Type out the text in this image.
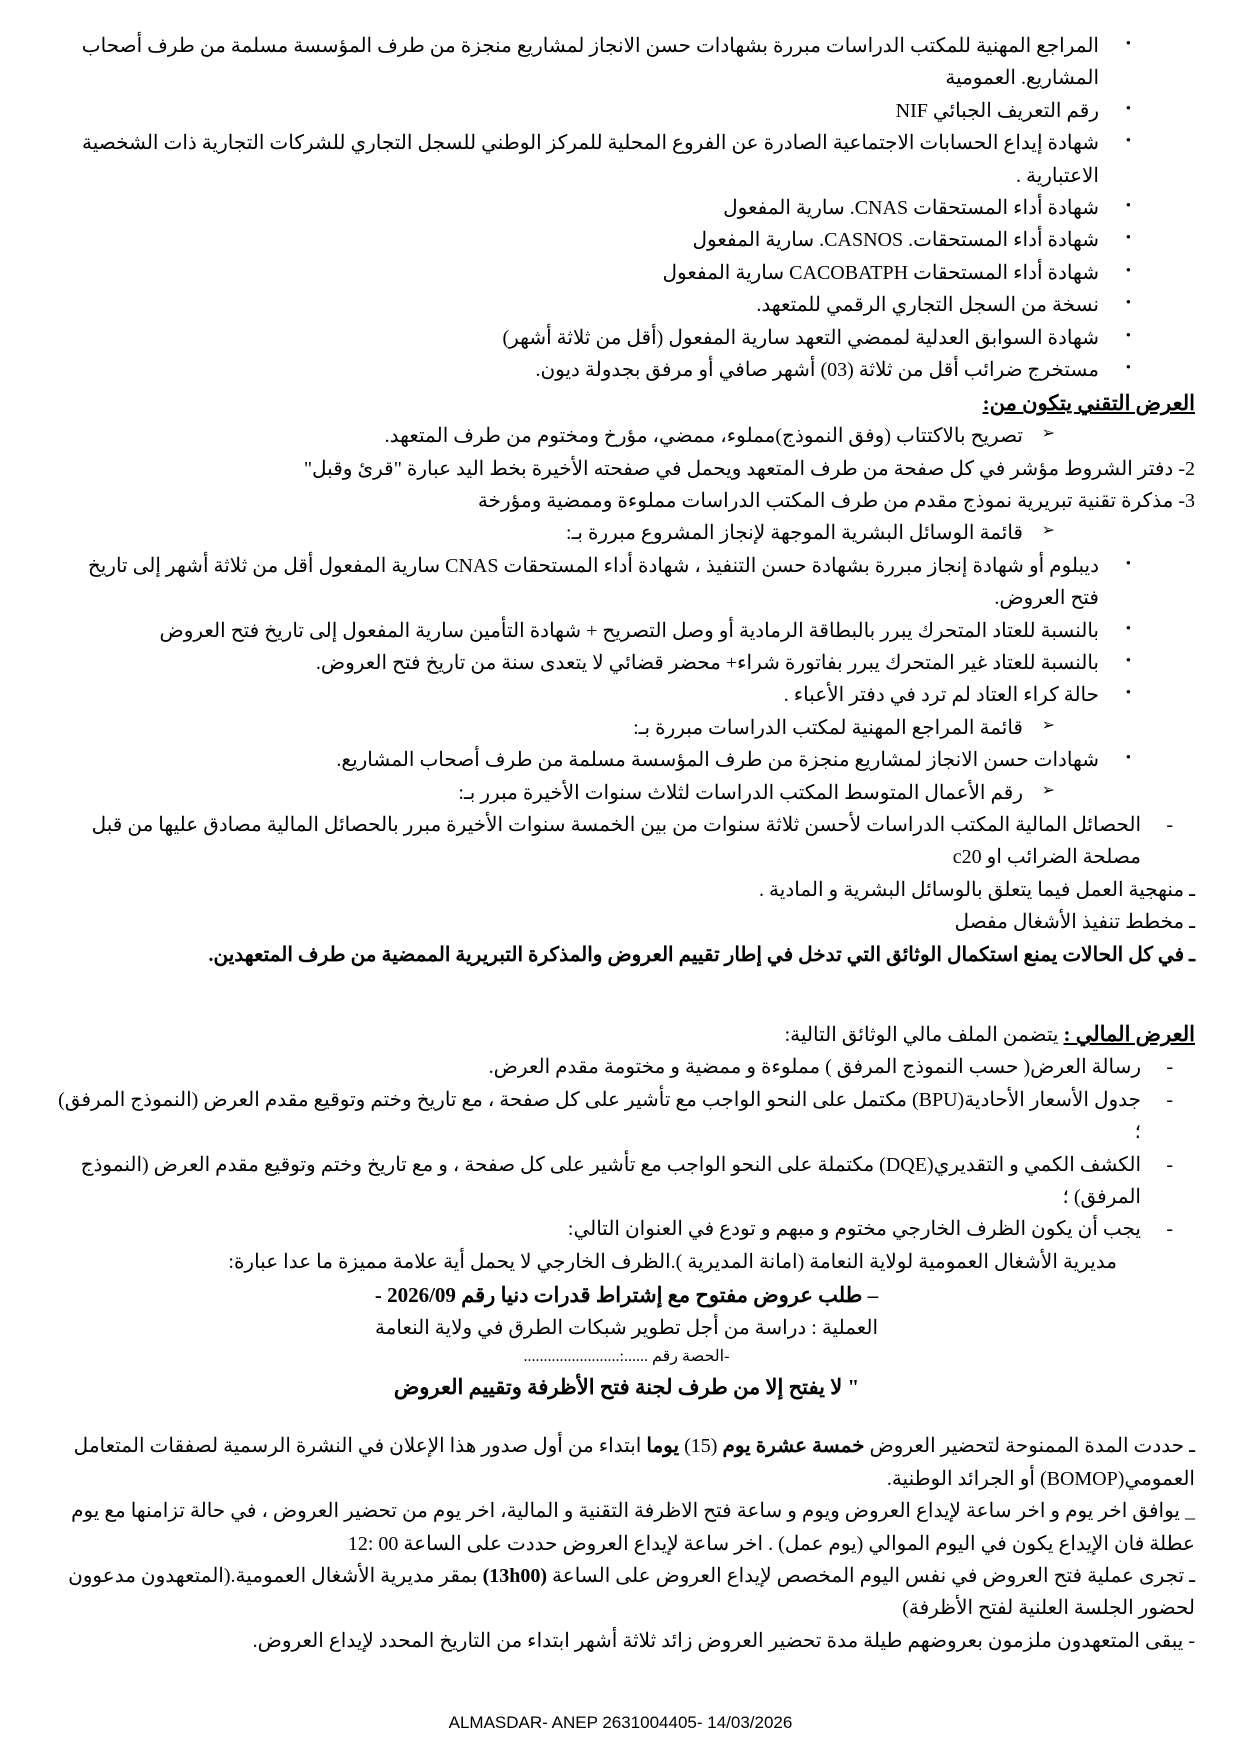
•
المراجع المهنية للمكتب الدراسات مبررة بشهادات حسن الانجاز لمشاريع منجزة من طرف المؤسسة مسلمة من طرف أصحاب المشاريع. العمومية
•
رقم التعريف الجبائي NIF
•
شهادة إيداع الحسابات الاجتماعية الصادرة عن الفروع المحلية للمركز الوطني للسجل التجاري للشركات التجارية ذات الشخصية الاعتبارية .
•
شهادة أداء المستحقات CNAS. سارية المفعول
•
شهادة أداء المستحقات. CASNOS. سارية المفعول
•
شهادة أداء المستحقات CACOBATPH سارية المفعول
•
نسخة من السجل التجاري الرقمي للمتعهد.
•
شهادة السوابق العدلية لممضي التعهد سارية المفعول (أقل من ثلاثة أشهر)
•
مستخرج ضرائب أقل من ثلاثة (03) أشهر صافي أو مرفق بجدولة ديون.
العرض التقني يتكون من:
➢
تصريح بالاكتتاب (وفق النموذج)مملوء، ممضي، مؤرخ ومختوم من طرف المتعهد.
2- دفتر الشروط مؤشر في كل صفحة من طرف المتعهد ويحمل في صفحته الأخيرة بخط اليد عبارة "قرئ وقبل"
3- مذكرة تقنية تبريرية نموذج مقدم من طرف المكتب الدراسات مملوءة وممضية ومؤرخة
➢
قائمة الوسائل البشرية الموجهة لإنجاز المشروع مبررة بـ:
•
ديبلوم أو شهادة إنجاز مبررة بشهادة حسن التنفيذ ، شهادة أداء المستحقات CNAS سارية المفعول أقل من ثلاثة أشهر إلى تاريخ فتح العروض.
•
بالنسبة للعتاد المتحرك يبرر بالبطاقة الرمادية أو وصل التصريح + شهادة التأمين سارية المفعول إلى تاريخ فتح العروض
•
بالنسبة للعتاد غير المتحرك يبرر بفاتورة شراء+ محضر قضائي لا يتعدى سنة من تاريخ فتح العروض.
•
حالة كراء العتاد لم ترد في دفتر الأعباء .
➢
قائمة المراجع المهنية لمكتب الدراسات مبررة بـ:
•
شهادات حسن الانجاز لمشاريع منجزة من طرف المؤسسة مسلمة من طرف أصحاب المشاريع.
➢
رقم الأعمال المتوسط المكتب الدراسات لثلاث سنوات الأخيرة مبرر بـ:
-
الحصائل المالية المكتب الدراسات لأحسن ثلاثة سنوات من بين الخمسة سنوات الأخيرة مبرر بالحصائل المالية مصادق عليها من قبل مصلحة الضرائب او c20
ـ منهجية العمل فيما يتعلق بالوسائل البشرية و المادية .
ـ مخطط تنفيذ الأشغال مفصل
ـ في كل الحالات يمنع استكمال الوثائق التي تدخل في إطار تقييم العروض والمذكرة التبريرية الممضية من طرف المتعهدين.

العرض المالي : يتضمن الملف مالي الوثائق التالية:

-
رسالة العرض( حسب النموذج المرفق ) مملوءة و ممضية و مختومة مقدم العرض.
-
جدول الأسعار الأحادية(BPU) مكتمل على النحو الواجب مع تأشير على كل صفحة ، مع تاريخ وختم وتوقيع مقدم العرض (النموذج المرفق) ؛
-
الكشف الكمي و التقديري(DQE) مكتملة على النحو الواجب مع تأشير على كل صفحة ، و مع تاريخ وختم وتوقيع مقدم العرض (النموذج المرفق) ؛
-
يجب أن يكون الظرف الخارجي مختوم و مبهم و تودع في العنوان التالي:
مديرية الأشغال العمومية لولاية النعامة (امانة المديرية ).الظرف الخارجي لا يحمل أية علامة مميزة ما عدا عبارة:
– طلب عروض مفتوح مع إشتراط قدرات دنيا رقم 2026/09 -
العملية : دراسة من أجل تطوير شبكات الطرق في ولاية النعامة
-الحصة رقم ......:........................
" لا يفتح إلا من طرف لجنة فتح الأظرفة وتقييم العروض

ـ حددت المدة الممنوحة لتحضير العروض خمسة عشرة يوم (15) يوما ابتداء من أول صدور هذا الإعلان في النشرة الرسمية لصفقات المتعامل العمومي(BOMOP) أو الجرائد الوطنية.

_ يوافق اخر يوم و اخر ساعة لإيداع العروض ويوم و ساعة فتح الاظرفة التقنية و المالية، اخر يوم من تحضير العروض ، في حالة تزامنها مع يوم عطلة فان الإيداع يكون في اليوم الموالي (يوم عمل) . اخر ساعة لإيداع العروض حددت على الساعة 00 :12

ـ تجرى عملية فتح العروض في نفس اليوم المخصص لإيداع العروض على الساعة (13h00) بمقر مديرية الأشغال العمومية.(المتعهدون مدعوون لحضور الجلسة العلنية لفتح الأظرفة)

- يبقى المتعهدون ملزمون بعروضهم طيلة مدة تحضير العروض زائد ثلاثة أشهر ابتداء من التاريخ المحدد لإيداع العروض.

ALMASDAR- ANEP 2631004405- 14/03/2026
